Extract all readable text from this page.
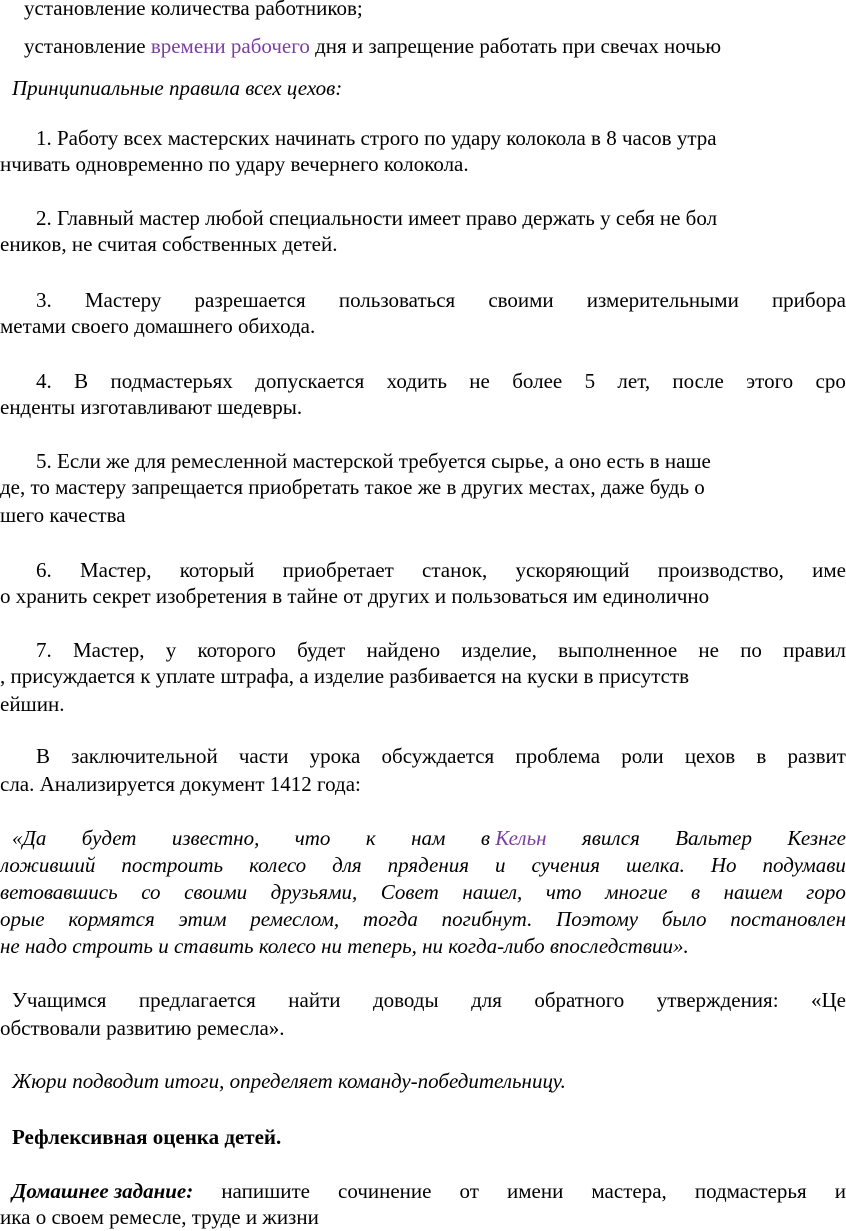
установление количества работников;
установление времени рабочего дня и запрещение работать при свечах ночью
Принципиальные правила всех цехов:
1. Работу всех мастерских начинать строго по удару колокола в 8 часов утра
нчивать одновременно по удару вечернего колокола.
2. Главный мастер любой специальности имеет право держать у себя не бол
еников, не считая собственных детей.
3. Мастеру разрешается пользоваться своими измерительными прибора
метами своего домашнего обихода.
4. В подмастерьях допускается ходить не более 5 лет, после этого сро
енденты изготавливают шедевры.
5. Если же для ремесленной мастерской требуется сырье, а оно есть в наше
де, то мастеру запрещается приобретать такое же в других местах, даже будь о
шего качества
6. Мастер, который приобретает станок, ускоряющий производство, име
о хранить секрет изобретения в тайне от других и пользоваться им единолично
7. Мастер, у которого будет найдено изделие, выполненное не по правил
, присуждается к уплате штрафа, а изделие разбивается на куски в присутств
ейшин.
В заключительной части урока обсуждается проблема роли цехов в развит
сла. Анализируется документ 1412 года:
«Да будет известно, что к нам в Кельн явился Вальтер Кезнгe
ложивший построить колесо для прядения и сучения шелка. Но подумави
ветовавшись со своими друзьями, Совет нашел, что многие в нашем горо
орые кормятся этим ремеслом, тогда погибнут. Поэтому было постановлен
не надо строить и ставить колесо ни теперь, ни когда-либо впоследствии».
Учащимся предлагается найти доводы для обратного утверждения: «Це
обствовали развитию ремесла».
Жюри подводит итоги, определяет команду-победительницу.
Рефлексивная оценка детей.
Домашнее задание: напишите сочинение от имени мастера, подмастерья и
ика о своем ремесле, труде и жизни
